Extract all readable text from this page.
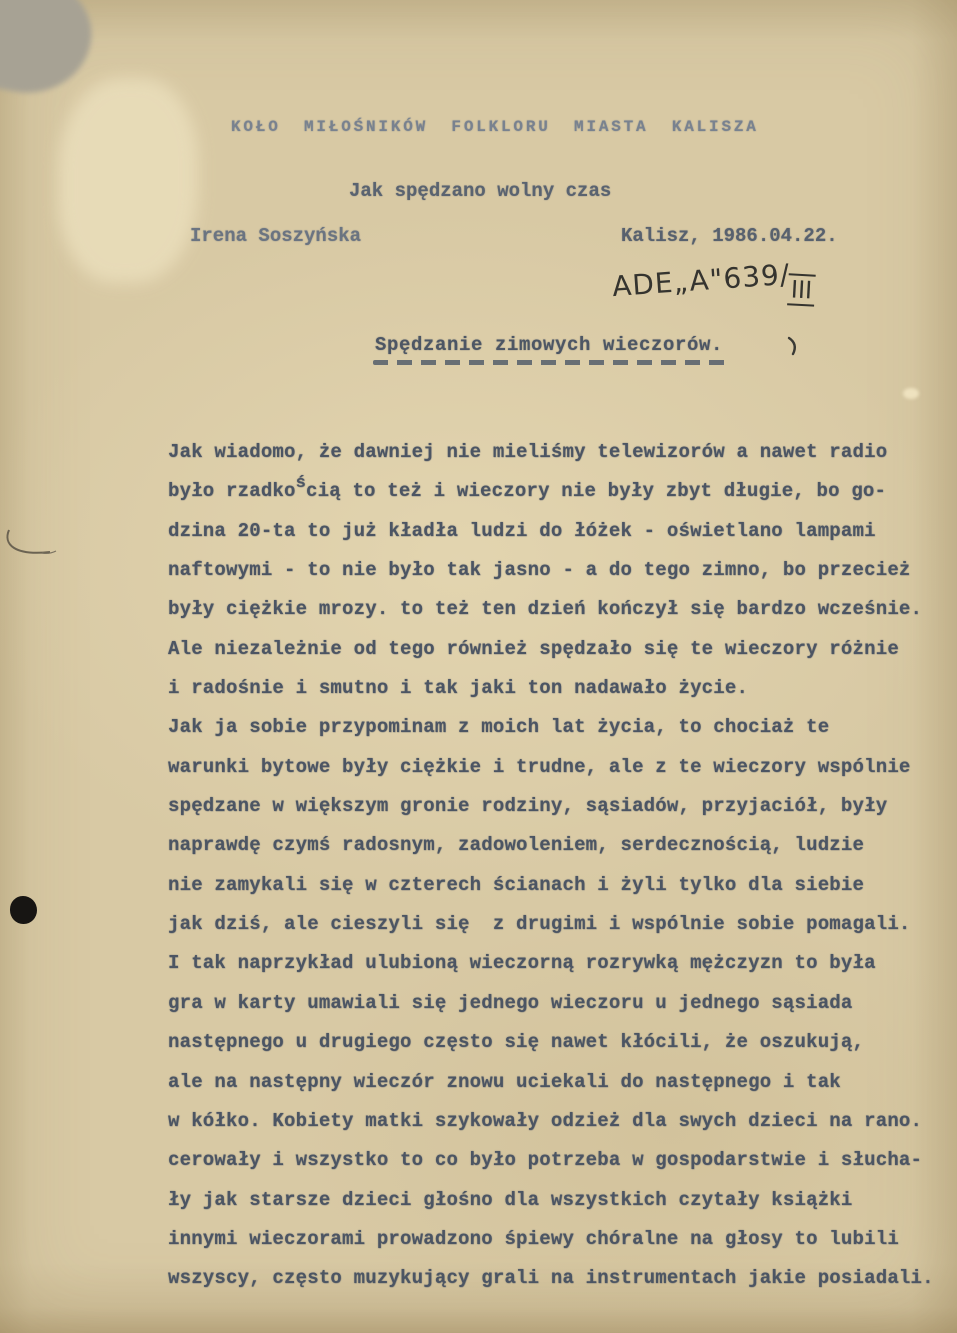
KOŁO MIŁOŚNIKÓW FOLKLORU MIASTA KALISZA
Jak spędzano wolny czas
Irena Soszyńska	Kalisz, 1986.04.22.
ADE„A"639/III
Spędzanie zimowych wieczorów.
Jak wiadomo, że dawniej nie mieliśmy telewizorów a nawet radio
było rzadkością to też i wieczory nie były zbyt długie, bo go-
dzina 20-ta to już kładła ludzi do łóżek - oświetlano lampami
naftowymi - to nie było tak jasno - a do tego zimno, bo przecież
były ciężkie mrozy. to też ten dzień kończył się bardzo wcześnie.
Ale niezależnie od tego również spędzało się te wieczory różnie
i radośnie i smutno i tak jaki ton nadawało życie.
Jak ja sobie przypominam z moich lat życia, to chociaż te
warunki bytowe były ciężkie i trudne, ale z te wieczory wspólnie
spędzane w większym gronie rodziny, sąsiadów, przyjaciół, były
naprawdę czymś radosnym, zadowoleniem, serdecznością, ludzie
nie zamykali się w czterech ścianach i żyli tylko dla siebie
jak dziś, ale cieszyli się  z drugimi i wspólnie sobie pomagali.
I tak naprzykład ulubioną wieczorną rozrywką mężczyzn to była
gra w karty umawiali się jednego wieczoru u jednego sąsiada
następnego u drugiego często się nawet kłócili, że oszukują,
ale na następny wieczór znowu uciekali do następnego i tak
w kółko. Kobiety matki szykowały odzież dla swych dzieci na rano.
cerowały i wszystko to co było potrzeba w gospodarstwie i słucha-
ły jak starsze dzieci głośno dla wszystkich czytały książki
innymi wieczorami prowadzono śpiewy chóralne na głosy to lubili
wszyscy, często muzykujący grali na instrumentach jakie posiadali.
